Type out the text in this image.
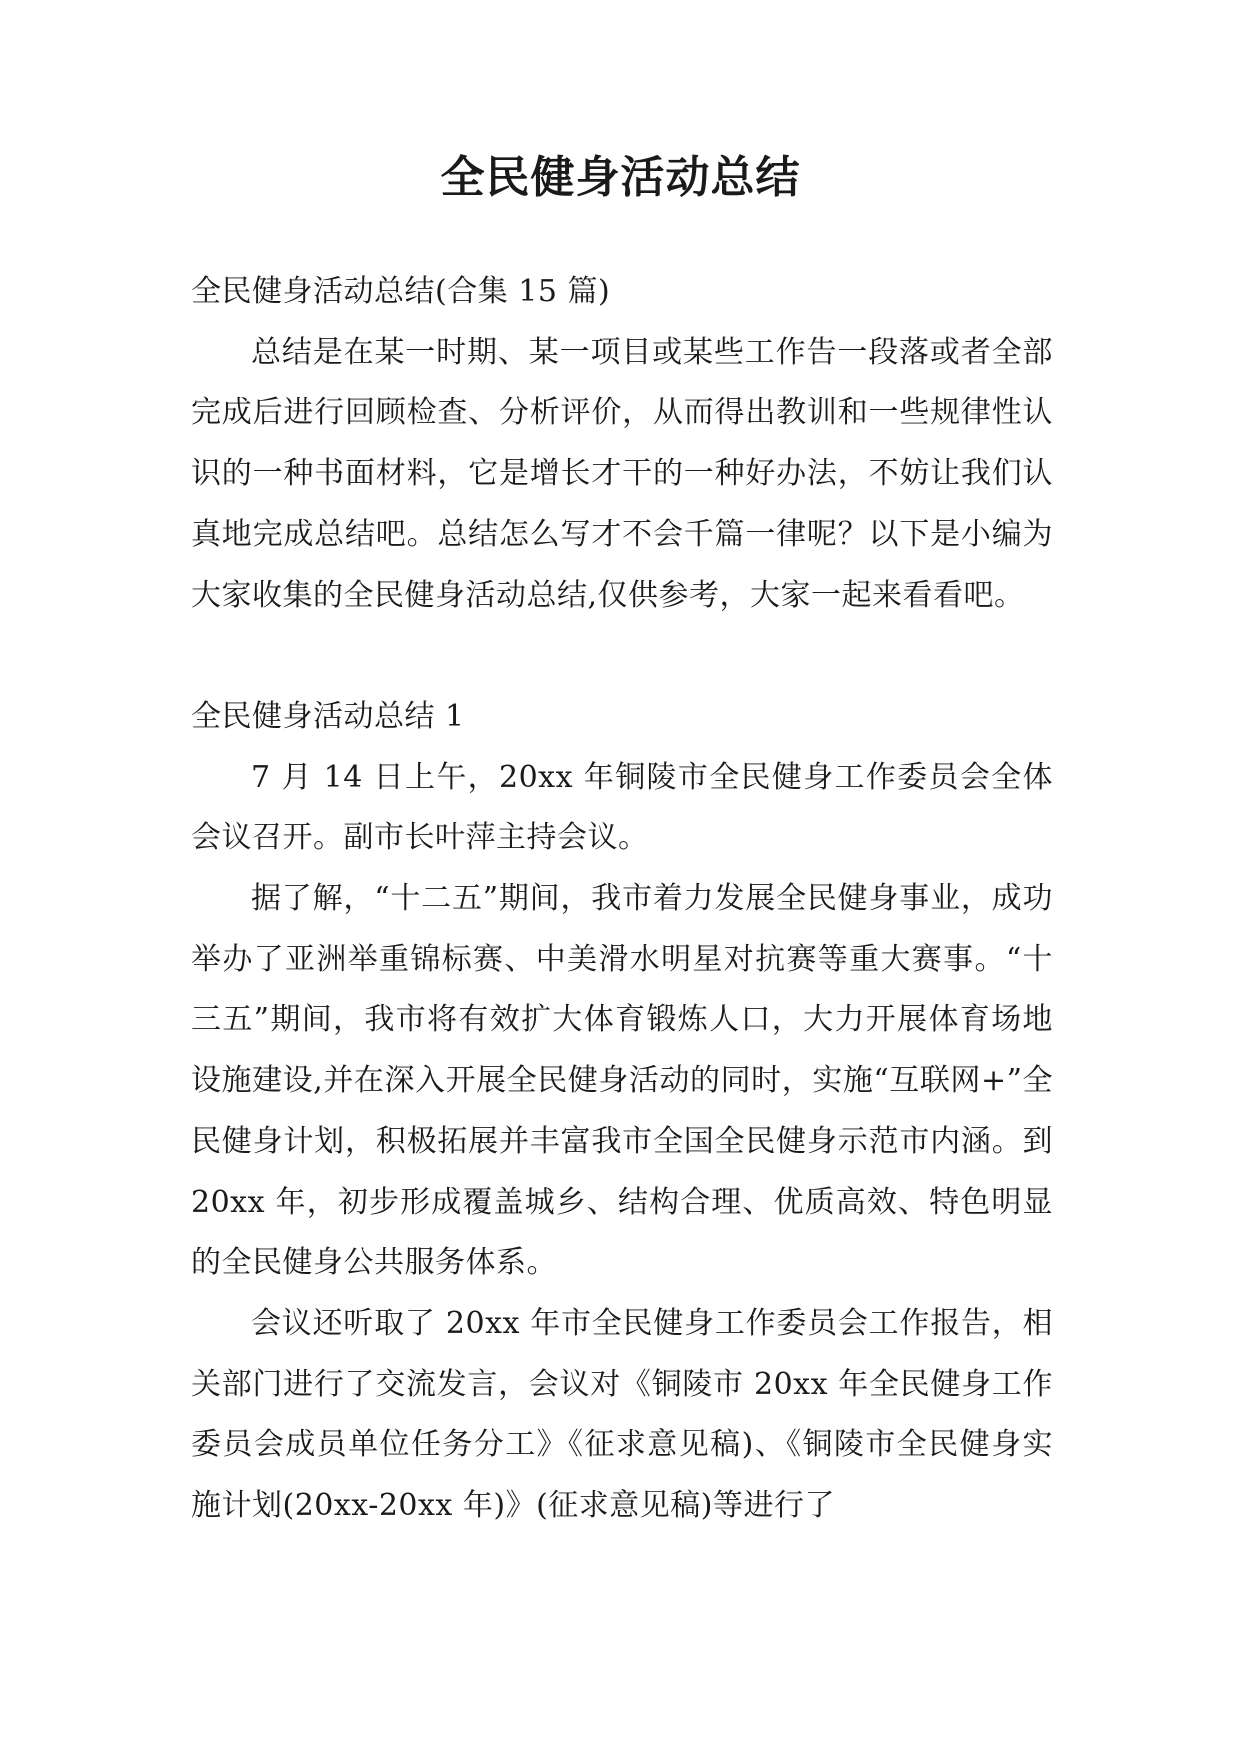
全民健身活动总结

全民健身活动总结(合集 15 篇)

总结是在某一时期、某一项目或某些工作告一段落或者全部完成后进行回顾检查、分析评价，从而得出教训和一些规律性认识的一种书面材料，它是增长才干的一种好办法，不妨让我们认真地完成总结吧。总结怎么写才不会千篇一律呢？以下是小编为大家收集的全民健身活动总结,仅供参考，大家一起来看看吧。

全民健身活动总结 1

7 月 14 日上午，20xx 年铜陵市全民健身工作委员会全体会议召开。副市长叶萍主持会议。

据了解，“十二五”期间，我市着力发展全民健身事业，成功举办了亚洲举重锦标赛、中美滑水明星对抗赛等重大赛事。“十三五”期间，我市将有效扩大体育锻炼人口，大力开展体育场地设施建设,并在深入开展全民健身活动的同时，实施“互联网+”全民健身计划，积极拓展并丰富我市全国全民健身示范市内涵。到 20xx 年，初步形成覆盖城乡、结构合理、优质高效、特色明显的全民健身公共服务体系。

会议还听取了 20xx 年市全民健身工作委员会工作报告，相关部门进行了交流发言，会议对《铜陵市 20xx 年全民健身工作委员会成员单位任务分工》《征求意见稿)、《铜陵市全民健身实施计划(20xx-20xx 年)》(征求意见稿)等进行了
